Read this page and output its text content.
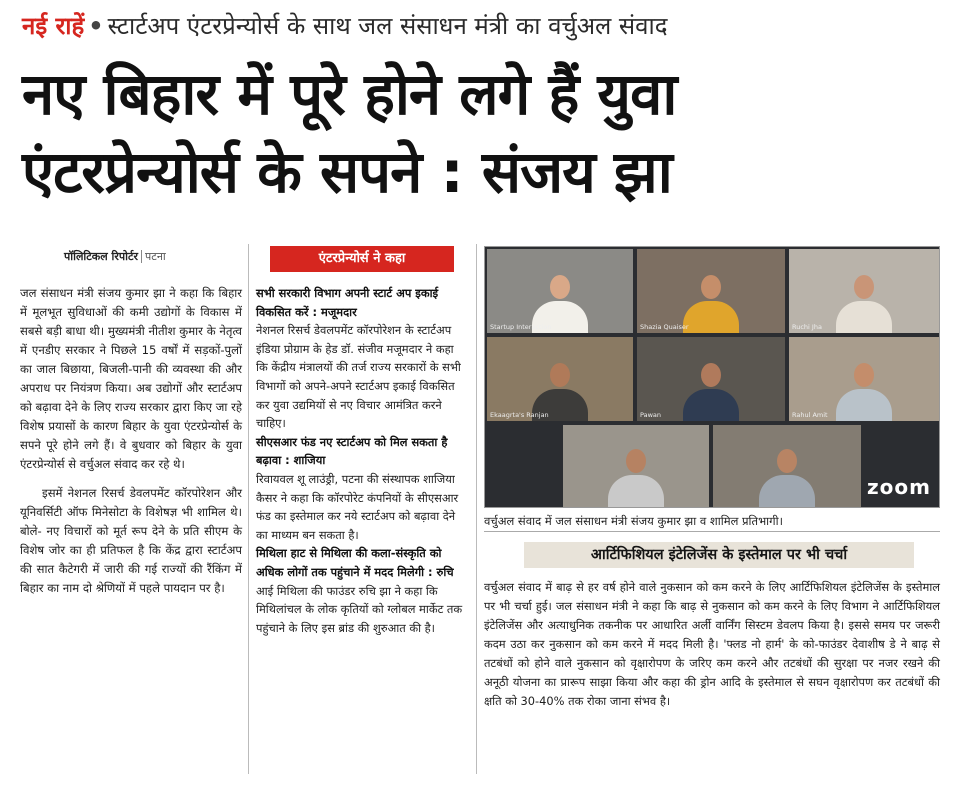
नई राहें • स्टार्टअप एंटरप्रेन्योर्स के साथ जल संसाधन मंत्री का वर्चुअल संवाद
नए बिहार में पूरे होने लगे हैं युवा
एंटरप्रेन्योर्स के सपने : संजय झा
पॉलिटिकल रिपोर्टर पटना

जल संसाधन मंत्री संजय कुमार झा ने कहा कि बिहार में मूलभूत सुविधाओं की कमी उद्योगों के विकास में सबसे बड़ी बाधा थी। मुख्यमंत्री नीतीश कुमार के नेतृत्व में एनडीए सरकार ने पिछले 15 वर्षों में सड़कों-पुलों का जाल बिछाया, बिजली-पानी की व्यवस्था की और अपराध पर नियंत्रण किया। अब उद्योगों और स्टार्टअप को बढ़ावा देने के लिए राज्य सरकार द्वारा किए जा रहे विशेष प्रयासों के कारण बिहार के युवा एंटरप्रेन्योर्स के सपने पूरे होने लगे हैं। वे बुधवार को बिहार के युवा एंटरप्रेन्योर्स से वर्चुअल संवाद कर रहे थे।

इसमें नेशनल रिसर्च डेवलपमेंट कॉरपोरेशन और यूनिवर्सिटी ऑफ मिनेसोटा के विशेषज्ञ भी शामिल थे। बोले- नए विचारों को मूर्त रूप देने के प्रति सीएम के विशेष जोर का ही प्रतिफल है कि केंद्र द्वारा स्टार्टअप की सात कैटेगरी में जारी की गई राज्यों की रैंकिंग में बिहार का नाम दो श्रेणियों में पहले पायदान पर है।

एंटरप्रेन्योर्स ने कहा

सभी सरकारी विभाग अपनी स्टार्ट अप इकाई विकसित करें : मजूमदार

नेशनल रिसर्च डेवलपमेंट कॉरपोरेशन के स्टार्टअप इंडिया प्रोग्राम के हेड डॉ. संजीव मजूमदार ने कहा कि केंद्रीय मंत्रालयों की तर्ज राज्य सरकारों के सभी विभागों को अपने-अपने स्टार्टअप इकाई विकसित कर युवा उद्यमियों से नए विचार आमंत्रित करने चाहिए।

सीएसआर फंड नए स्टार्टअप को मिल सकता है बढ़ावा : शाजिया

रिवायवल शू लाउंड्री, पटना की संस्थापक शाजिया कैसर ने कहा कि कॉरपोरेट कंपनियों के सीएसआर फंड का इस्तेमाल कर नये स्टार्टअप को बढ़ावा देने का माध्यम बन सकता है।

मिथिला हाट से मिथिला की कला-संस्कृति को अधिक लोगों तक पहुंचाने में मदद मिलेगी : रुचि

आई मिथिला की फाउंडर रुचि झा ने कहा कि मिथिलांचल के लोक कृतियों को ग्लोबल मार्केट तक पहुंचाने के लिए इस ब्रांड की शुरुआत की है।

Startup Interaction	Shazia Quaiser	Ruchi Jha
Ekaagrta's Ranjan	Pawan	Rahul Amit
zoom
वर्चुअल संवाद में जल संसाधन मंत्री संजय कुमार झा व शामिल प्रतिभागी।
आर्टिफिशियल इंटेलिजेंस के इस्तेमाल पर भी चर्चा

वर्चुअल संवाद में बाढ़ से हर वर्ष होने वाले नुकसान को कम करने के लिए आर्टिफिशियल इंटेलिजेंस के इस्तेमाल पर भी चर्चा हुई। जल संसाधन मंत्री ने कहा कि बाढ़ से नुकसान को कम करने के लिए विभाग ने आर्टिफिशियल इंटेलिजेंस और अत्याधुनिक तकनीक पर आधारित अर्ली वार्निंग सिस्टम डेवलप किया है। इससे समय पर जरूरी कदम उठा कर नुकसान को कम करने में मदद मिली है। 'फ्लड नो हार्म' के को-फाउंडर देवाशीष डे ने बाढ़ से तटबंधों को होने वाले नुकसान को वृक्षारोपण के जरिए कम करने और तटबंधों की सुरक्षा पर नजर रखने की अनूठी योजना का प्रारूप साझा किया और कहा की ड्रोन आदि के इस्तेमाल से सघन वृक्षारोपण कर तटबंधों की क्षति को 30-40% तक रोका जाना संभव है।
